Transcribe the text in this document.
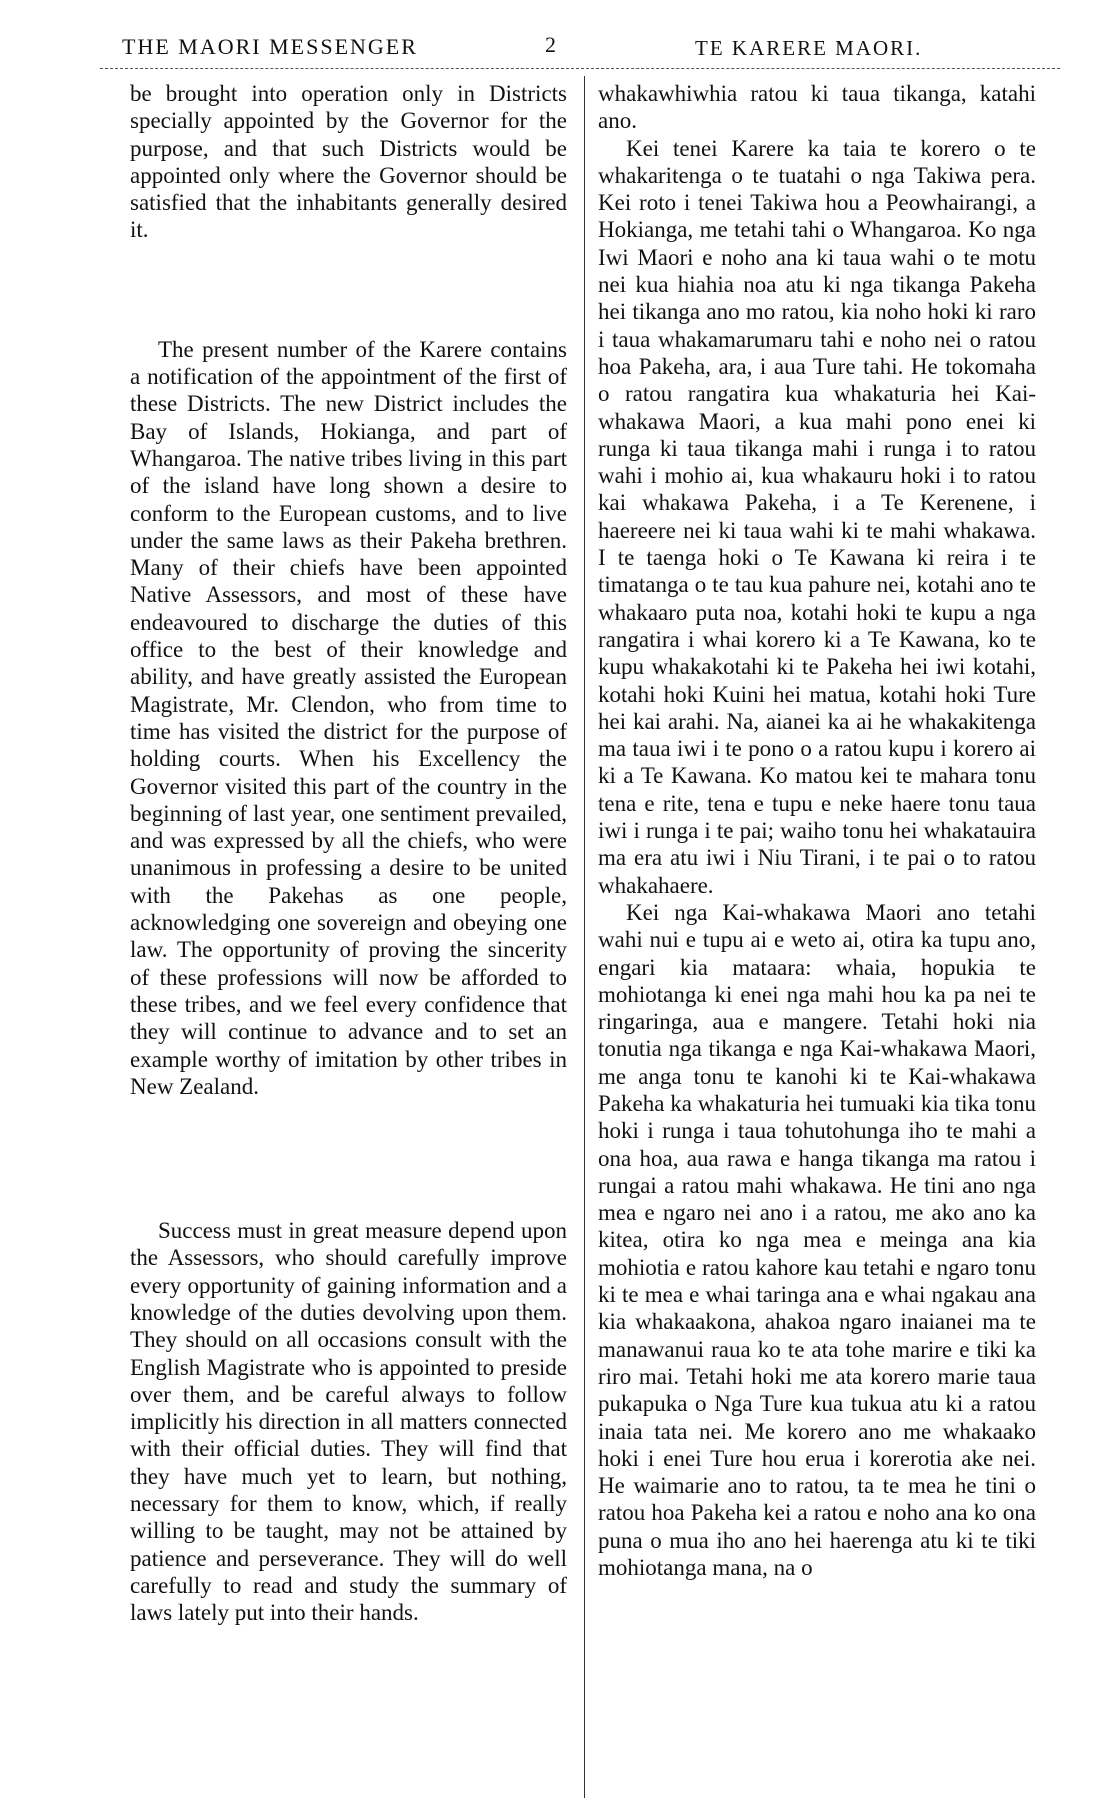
THE MAORI MESSENGER	2	TE KARERE MAORI.

be brought into operation only in Districts specially appointed by the Governor for the purpose, and that such Districts would be appointed only where the Governor should be satisfied that the inhabitants generally desired it.

The present number of the Karere contains a notification of the appointment of the first of these Districts. The new District includes the Bay of Islands, Hokianga, and part of Whangaroa. The native tribes living in this part of the island have long shown a desire to conform to the European customs, and to live under the same laws as their Pakeha brethren. Many of their chiefs have been appointed Native Assessors, and most of these have endeavoured to discharge the duties of this office to the best of their knowledge and ability, and have greatly assisted the European Magistrate, Mr. Clendon, who from time to time has visited the district for the purpose of holding courts. When his Excellency the Governor visited this part of the country in the beginning of last year, one sentiment prevailed, and was expressed by all the chiefs, who were unanimous in professing a desire to be united with the Pakehas as one people, acknowledging one sovereign and obeying one law. The opportunity of proving the sincerity of these professions will now be afforded to these tribes, and we feel every confidence that they will continue to advance and to set an example worthy of imitation by other tribes in New Zealand.

Success must in great measure depend upon the Assessors, who should carefully improve every opportunity of gaining information and a knowledge of the duties devolving upon them. They should on all occasions consult with the English Magistrate who is appointed to preside over them, and be careful always to follow implicitly his direction in all matters connected with their official duties. They will find that they have much yet to learn, but nothing, necessary for them to know, which, if really willing to be taught, may not be attained by patience and perseverance. They will do well carefully to read and study the summary of laws lately put into their hands.

whakawhiwhia ratou ki taua tikanga, katahi ano.

Kei tenei Karere ka taia te korero o te whakaritenga o te tuatahi o nga Takiwa pera. Kei roto i tenei Takiwa hou a Peowhairangi, a Hokianga, me tetahi tahi o Whangaroa. Ko nga Iwi Maori e noho ana ki taua wahi o te motu nei kua hiahia noa atu ki nga tikanga Pakeha hei tikanga ano mo ratou, kia noho hoki ki raro i taua whakamarumaru tahi e noho nei o ratou hoa Pakeha, ara, i aua Ture tahi. He tokomaha o ratou rangatira kua whakaturia hei Kai-whakawa Maori, a kua mahi pono enei ki runga ki taua tikanga mahi i runga i to ratou wahi i mohio ai, kua whakauru hoki i to ratou kai whakawa Pakeha, i a Te Kerenene, i haereere nei ki taua wahi ki te mahi whakawa. I te taenga hoki o Te Kawana ki reira i te timatanga o te tau kua pahure nei, kotahi ano te whakaaro puta noa, kotahi hoki te kupu a nga rangatira i whai korero ki a Te Kawana, ko te kupu whakakotahi ki te Pakeha hei iwi kotahi, kotahi hoki Kuini hei matua, kotahi hoki Ture hei kai arahi. Na, aianei ka ai he whakakitenga ma taua iwi i te pono o a ratou kupu i korero ai ki a Te Kawana. Ko matou kei te mahara tonu tena e rite, tena e tupu e neke haere tonu taua iwi i runga i te pai; waiho tonu hei whakatauira ma era atu iwi i Niu Tirani, i te pai o to ratou whakahaere.

Kei nga Kai-whakawa Maori ano tetahi wahi nui e tupu ai e weto ai, otira ka tupu ano, engari kia mataara: whaia, hopukia te mohiotanga ki enei nga mahi hou ka pa nei te ringaringa, aua e mangere. Tetahi hoki nia tonutia nga tikanga e nga Kai-whakawa Maori, me anga tonu te kanohi ki te Kai-whakawa Pakeha ka whakaturia hei tumuaki kia tika tonu hoki i runga i taua tohutohunga iho te mahi a ona hoa, aua rawa e hanga tikanga ma ratou i rungai a ratou mahi whakawa. He tini ano nga mea e ngaro nei ano i a ratou, me ako ano ka kitea, otira ko nga mea e meinga ana kia mohiotia e ratou kahore kau tetahi e ngaro tonu ki te mea e whai taringa ana e whai ngakau ana kia whakaakona, ahakoa ngaro inaianei ma te manawanui raua ko te ata tohe marire e tiki ka riro mai. Tetahi hoki me ata korero marie taua pukapuka o Nga Ture kua tukua atu ki a ratou inaia tata nei. Me korero ano me whakaako hoki i enei Ture hou erua i korerotia ake nei. He waimarie ano to ratou, ta te mea he tini o ratou hoa Pakeha kei a ratou e noho ana ko ona puna o mua iho ano hei haerenga atu ki te tiki mohiotanga mana, na o
